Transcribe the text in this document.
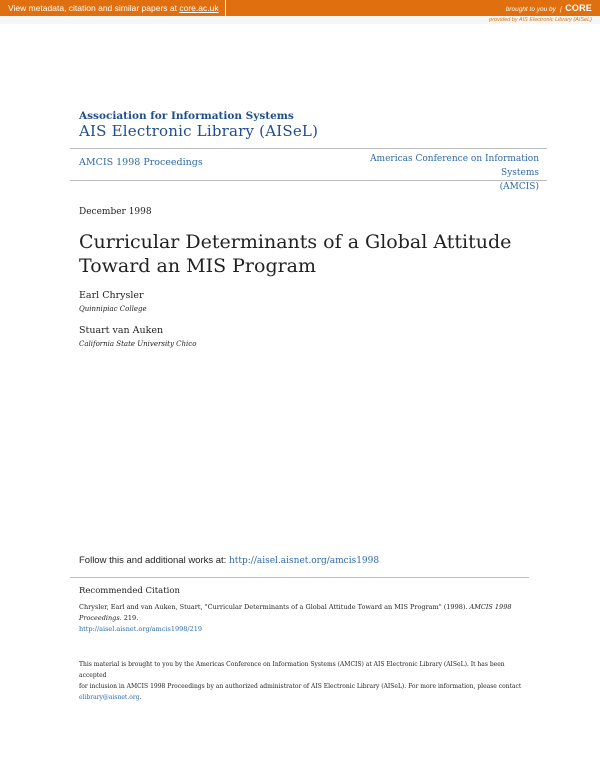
View metadata, citation and similar papers at core.ac.uk	brought to you by ❘ CORE
provided by AIS Electronic Library (AISeL)
Association for Information Systems
AIS Electronic Library (AISeL)
AMCIS 1998 Proceedings	Americas Conference on Information Systems
(AMCIS)
December 1998
Curricular Determinants of a Global Attitude
Toward an MIS Program
Earl Chrysler
Quinnipiac College
Stuart van Auken
California State University Chico
Follow this and additional works at: http://aisel.aisnet.org/amcis1998
Recommended Citation
Chrysler, Earl and van Auken, Stuart, "Curricular Determinants of a Global Attitude Toward an MIS Program" (1998). AMCIS 1998 Proceedings. 219.
http://aisel.aisnet.org/amcis1998/219
This material is brought to you by the Americas Conference on Information Systems (AMCIS) at AIS Electronic Library (AISeL). It has been accepted
for inclusion in AMCIS 1998 Proceedings by an authorized administrator of AIS Electronic Library (AISeL). For more information, please contact
elibrary@aisnet.org.
